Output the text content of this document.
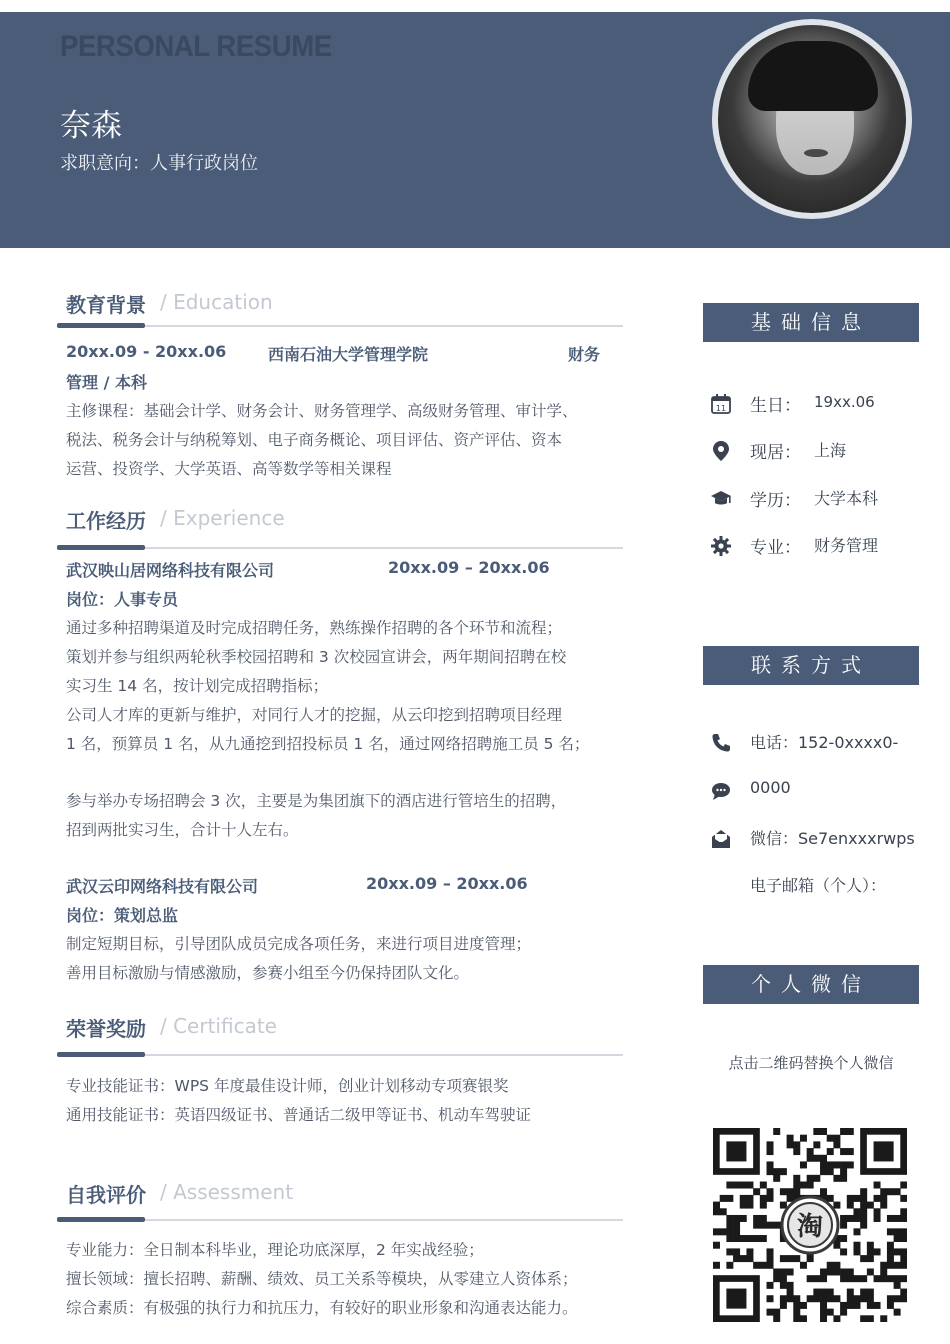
PERSONAL RESUME
奈森
求职意向：人事行政岗位
教育背景 / Education
20xx.09 - 20xx.06	西南石油大学管理学院	财务
管理 / 本科
主修课程：基础会计学、财务会计、财务管理学、高级财务管理、审计学、
税法、税务会计与纳税筹划、电子商务概论、项目评估、资产评估、资本
运营、投资学、大学英语、高等数学等相关课程
工作经历 / Experience
武汉映山居网络科技有限公司	20xx.09 – 20xx.06
岗位：人事专员
通过多种招聘渠道及时完成招聘任务，熟练操作招聘的各个环节和流程；
策划并参与组织两轮秋季校园招聘和 3 次校园宣讲会，两年期间招聘在校
实习生 14 名，按计划完成招聘指标；
公司人才库的更新与维护，对同行人才的挖掘，从云印挖到招聘项目经理
1 名，预算员 1 名，从九通挖到招投标员 1 名，通过网络招聘施工员 5 名；
参与举办专场招聘会 3 次，主要是为集团旗下的酒店进行管培生的招聘，
招到两批实习生，合计十人左右。
武汉云印网络科技有限公司	20xx.09 – 20xx.06
岗位：策划总监
制定短期目标，引导团队成员完成各项任务，来进行项目进度管理；
善用目标激励与情感激励，参赛小组至今仍保持团队文化。
荣誉奖励 / Certificate
专业技能证书：WPS 年度最佳设计师，创业计划移动专项赛银奖
通用技能证书：英语四级证书、普通话二级甲等证书、机动车驾驶证
自我评价 / Assessment
专业能力：全日制本科毕业，理论功底深厚，2 年实战经验；
擅长领域：擅长招聘、薪酬、绩效、员工关系等模块，从零建立人资体系；
综合素质：有极强的执行力和抗压力，有较好的职业形象和沟通表达能力。
基础信息
11 生日： 19xx.06
现居： 上海
学历： 大学本科
专业： 财务管理
联系方式
电话：152-0xxxx0-
0000
微信：Se7enxxxrwps
电子邮箱（个人）：
个人微信
点击二维码替换个人微信
淘
